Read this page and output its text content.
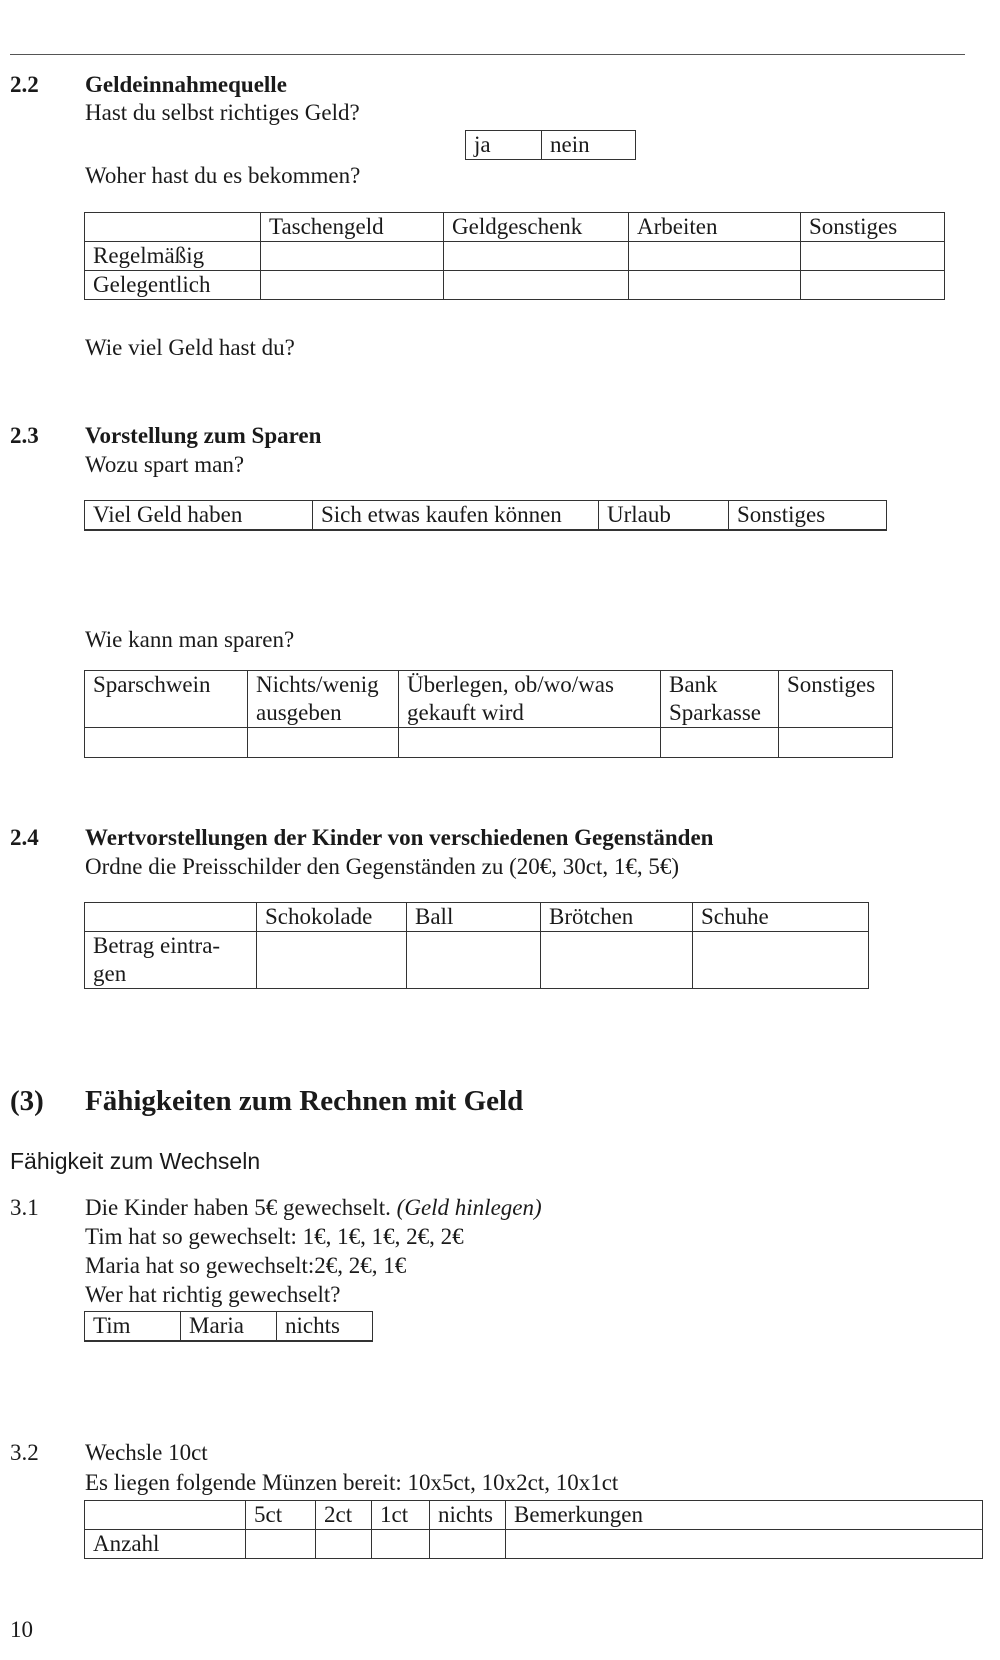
2.2 Geldeinnahmequelle
Hast du selbst richtiges Geld?
ja	nein
Woher hast du es bekommen?
	Taschengeld	Geldgeschenk	Arbeiten	Sonstiges
Regelmäßig				
Gelegentlich				
Wie viel Geld hast du?
2.3 Vorstellung zum Sparen
Wozu spart man?
Viel Geld haben	Sich etwas kaufen können	Urlaub	Sonstiges

Wie kann man sparen?
Sparschwein	Nichts/wenig ausgeben	Überlegen, ob/wo/was gekauft wird	Bank Sparkasse	Sonstiges

2.4 Wertvorstellungen der Kinder von verschiedenen Gegenständen
Ordne die Preisschilder den Gegenständen zu (20€, 30ct, 1€, 5€)
	Schokolade	Ball	Brötchen	Schuhe
Betrag eintra-gen				
(3) Fähigkeiten zum Rechnen mit Geld
Fähigkeit zum Wechseln
3.1 Die Kinder haben 5€ gewechselt. (Geld hinlegen)
Tim hat so gewechselt: 1€, 1€, 1€, 2€, 2€
Maria hat so gewechselt:2€, 2€, 1€
Wer hat richtig gewechselt?
Tim	Maria	nichts

3.2 Wechsle 10ct
Es liegen folgende Münzen bereit: 10x5ct, 10x2ct, 10x1ct
	5ct	2ct	1ct	nichts	Bemerkungen
Anzahl					
10
